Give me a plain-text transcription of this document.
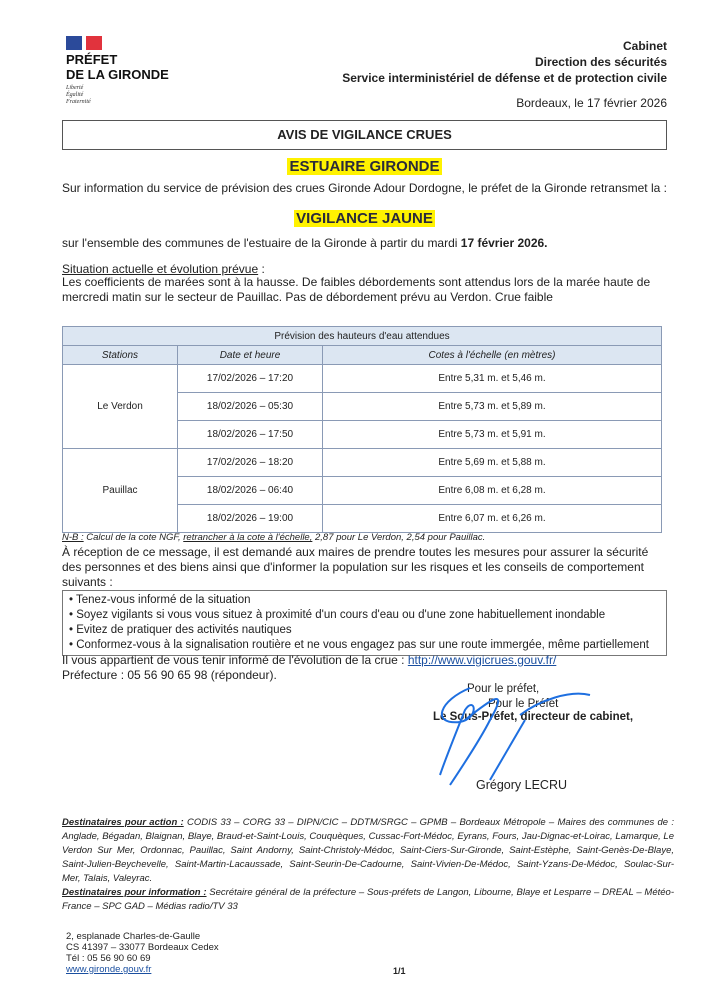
PRÉFET
DE LA GIRONDE
Liberté
Égalité
Fraternité
Cabinet
Direction des sécurités
Service interministériel de défense et de protection civile
Bordeaux, le 17 février 2026
AVIS DE VIGILANCE CRUES
ESTUAIRE GIRONDE

Sur information du service de prévision des crues Gironde Adour Dordogne, le préfet de la Gironde retransmet la :

VIGILANCE JAUNE

sur l'ensemble des communes de l'estuaire de la Gironde à partir du mardi 17 février 2026.

Situation actuelle et évolution prévue :

Les coefficients de marées sont à la hausse. De faibles débordements sont attendus lors de la marée haute de mercredi matin sur le secteur de Pauillac. Pas de débordement prévu au Verdon. Crue faible

Prévision des hauteurs d'eau attendues		
Stations	Date et heure	Cotes à l'échelle (en mètres)
Le Verdon	17/02/2026 – 17:20	Entre 5,31 m. et 5,46 m.
	18/02/2026 – 05:30	Entre 5,73 m. et 5,89 m.
	18/02/2026 – 17:50	Entre 5,73 m. et 5,91 m.
Pauillac	17/02/2026 – 18:20	Entre 5,69 m. et 5,88 m.
	18/02/2026 – 06:40	Entre 6,08 m. et 6,28 m.
	18/02/2026 – 19:00	Entre 6,07 m. et 6,26 m.

N-B : Calcul de la cote NGF, retrancher à la cote à l'échelle, 2,87 pour Le Verdon, 2,54 pour Pauillac.

À réception de ce message, il est demandé aux maires de prendre toutes les mesures pour assurer la sécurité des personnes et des biens ainsi que d'informer la population sur les risques et les conseils de comportement suivants :

• Tenez-vous informé de la situation
• Soyez vigilants si vous vous situez à proximité d'un cours d'eau ou d'une zone habituellement inondable
• Evitez de pratiquer des activités nautiques
• Conformez-vous à la signalisation routière et ne vous engagez pas sur une route immergée, même partiellement

Il vous appartient de vous tenir informé de l'évolution de la crue : http://www.vigicrues.gouv.fr/

Préfecture : 05 56 90 65 98 (répondeur).

Pour le préfet,
Pour le Préfet
Le Sous-Préfet, directeur de cabinet,
Grégory LECRU
Destinataires pour action : CODIS 33 – CORG 33 – DIPN/CIC – DDTM/SRGC – GPMB – Bordeaux Métropole – Maires des communes de : Anglade, Bégadan, Blaignan, Blaye, Braud-et-Saint-Louis, Couquèques, Cussac-Fort-Médoc, Eyrans, Fours, Jau-Dignac-et-Loirac, Lamarque, Le Verdon Sur Mer, Ordonnac, Pauillac, Saint Andorny, Saint-Christoly-Médoc, Saint-Ciers-Sur-Gironde, Saint-Estèphe, Saint-Genès-De-Blaye, Saint-Julien-Beychevelle, Saint-Martin-Lacaussade, Saint-Seurin-De-Cadourne, Saint-Vivien-De-Médoc, Saint-Yzans-De-Médoc, Soulac-Sur-Mer, Talais, Valeyrac.
Destinataires pour information : Secrétaire général de la préfecture – Sous-préfets de Langon, Libourne, Blaye et Lesparre – DREAL – Météo-France – SPC GAD – Médias radio/TV 33
2, esplanade Charles-de-Gaulle
CS 41397 – 33077 Bordeaux Cedex
Tél : 05 56 90 60 69
www.gironde.gouv.fr	1/1
